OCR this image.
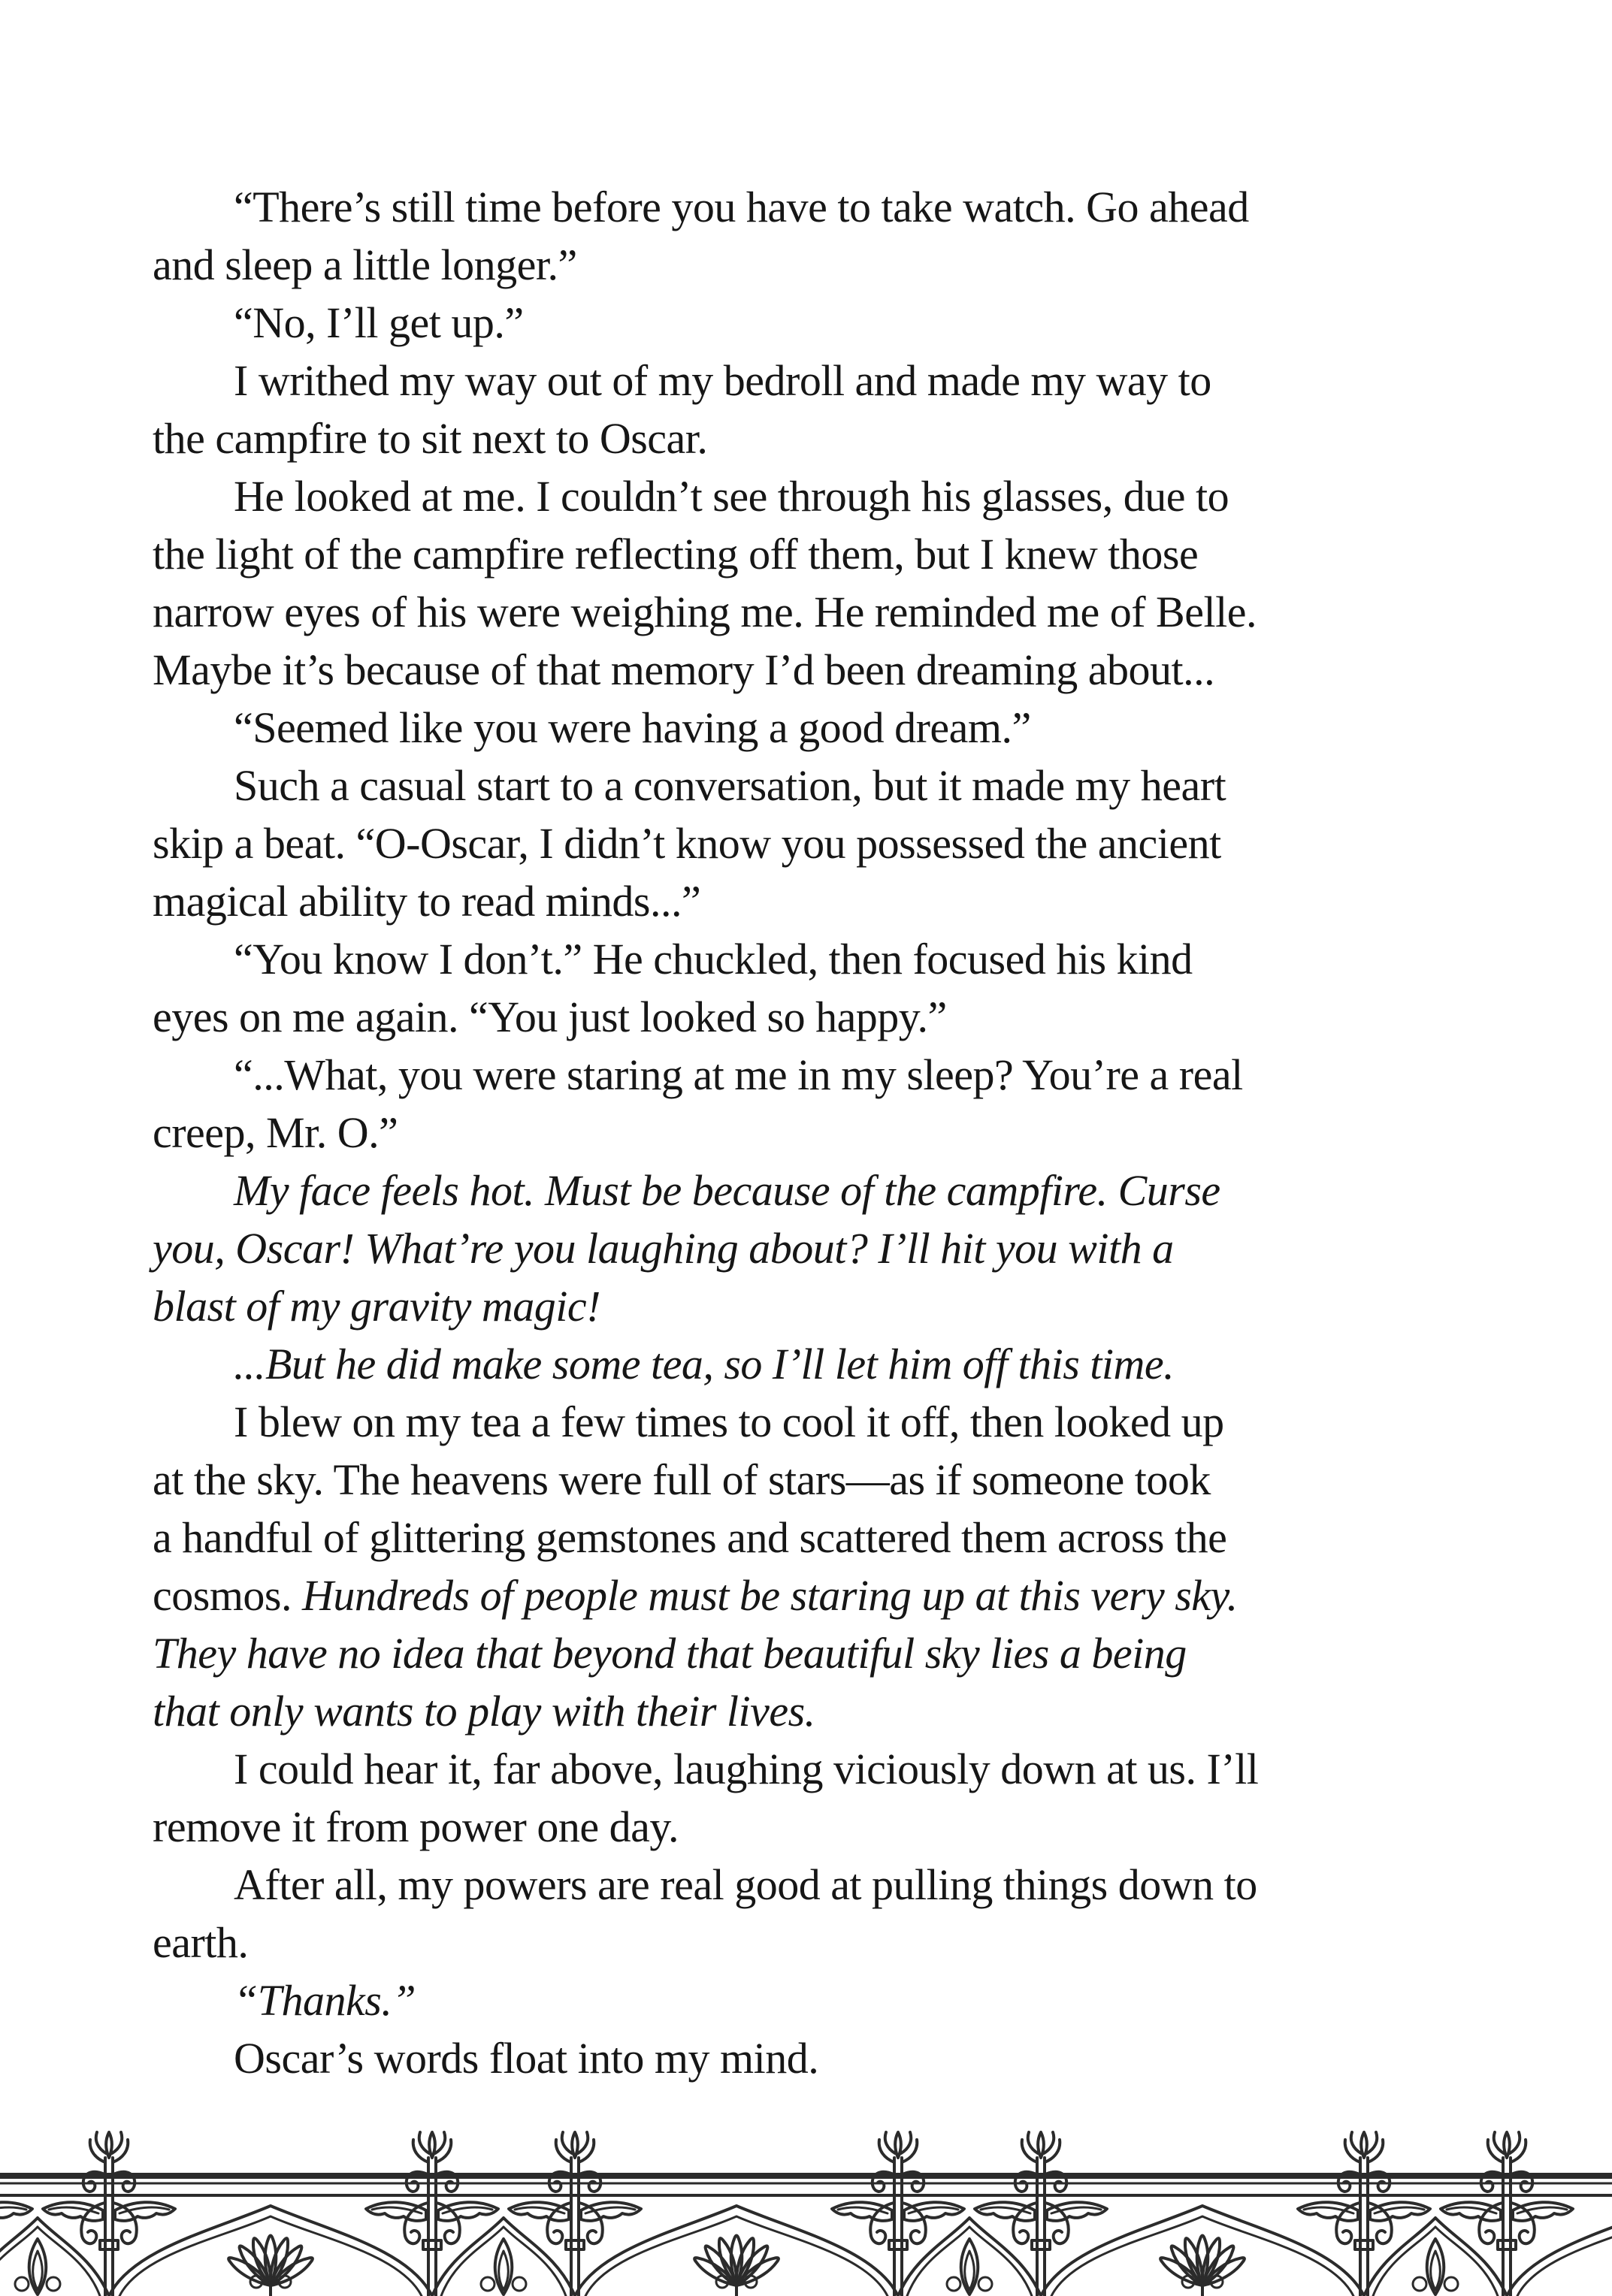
“There’s still time before you have to take watch. Go ahead
and sleep a little longer.”
“No, I’ll get up.”
I writhed my way out of my bedroll and made my way to
the campfire to sit next to Oscar.
He looked at me. I couldn’t see through his glasses, due to
the light of the campfire reflecting off them, but I knew those
narrow eyes of his were weighing me. He reminded me of Belle.
Maybe it’s because of that memory I’d been dreaming about...
“Seemed like you were having a good dream.”
Such a casual start to a conversation, but it made my heart
skip a beat. “O-Oscar, I didn’t know you possessed the ancient
magical ability to read minds...”
“You know I don’t.” He chuckled, then focused his kind
eyes on me again. “You just looked so happy.”
“...What, you were staring at me in my sleep? You’re a real
creep, Mr. O.”
My face feels hot. Must be because of the campfire. Curse
you, Oscar! What’re you laughing about? I’ll hit you with a
blast of my gravity magic!
...But he did make some tea, so I’ll let him off this time.
I blew on my tea a few times to cool it off, then looked up
at the sky. The heavens were full of stars—as if someone took
a handful of glittering gemstones and scattered them across the
cosmos. Hundreds of people must be staring up at this very sky.
They have no idea that beyond that beautiful sky lies a being
that only wants to play with their lives.
I could hear it, far above, laughing viciously down at us. I’ll
remove it from power one day.
After all, my powers are real good at pulling things down to
earth.
“Thanks.”
Oscar’s words float into my mind.
